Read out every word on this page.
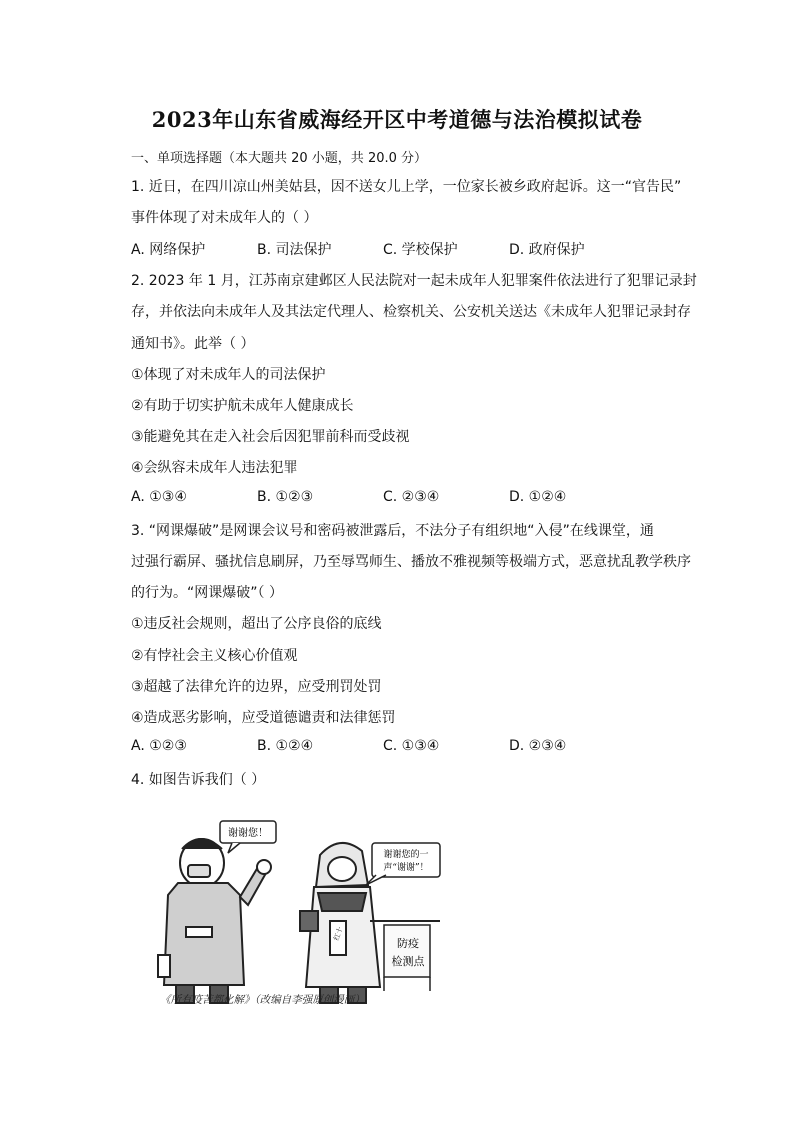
2023年山东省威海经开区中考道德与法治模拟试卷
一、单项选择题（本大题共 20 小题，共 20.0 分）
1. 近日，在四川凉山州美姑县，因不送女儿上学，一位家长被乡政府起诉。这一“官告民”
事件体现了对未成年人的（ ）
A. 网络保护	B. 司法保护	C. 学校保护	D. 政府保护
2. 2023 年 1 月，江苏南京建邺区人民法院对一起未成年人犯罪案件依法进行了犯罪记录封
存，并依法向未成年人及其法定代理人、检察机关、公安机关送达《未成年人犯罪记录封存
通知书》。此举（ ）
①体现了对未成年人的司法保护
②有助于切实护航未成年人健康成长
③能避免其在走入社会后因犯罪前科而受歧视
④会纵容未成年人违法犯罪
A. ①③④	B. ①②③	C. ②③④	D. ①②④
3. “网课爆破”是网课会议号和密码被泄露后，不法分子有组织地“入侵”在线课堂，通
过强行霸屏、骚扰信息刷屏，乃至辱骂师生、播放不雅视频等极端方式，恶意扰乱教学秩序
的行为。“网课爆破”（ ）
①违反社会规则，超出了公序良俗的底线
②有悖社会主义核心价值观
③超越了法律允许的边界，应受刑罚处罚
④造成恶劣影响，应受道德谴责和法律惩罚
A. ①②③	B. ①②④	C. ①③④	D. ②③④
4. 如图告诉我们（ ）
谢谢您！
红十
谢谢您的一
声“谢谢”！
防疫
检测点
《所有疫苦都化解》（改编自李强原创漫画）
